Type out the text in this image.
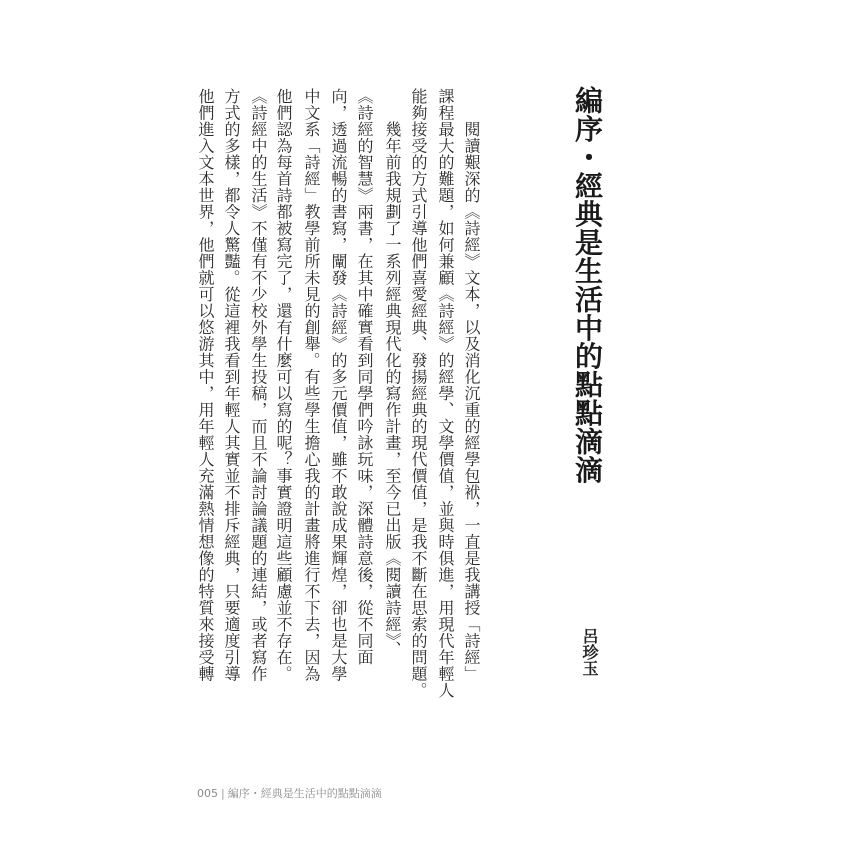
編序・經典是生活中的點點滴滴
呂珍玉
閱讀艱深的《詩經》文本，以及消化沉重的經學包袱，一直是我講授「詩經」
課程最大的難題，如何兼顧《詩經》的經學、文學價值，並與時俱進，用現代年輕人
能夠接受的方式引導他們喜愛經典、發揚經典的現代價值，是我不斷在思索的問題。
幾年前我規劃了一系列經典現代化的寫作計畫，至今已出版《閱讀詩經》、
《詩經的智慧》兩書，在其中確實看到同學們吟詠玩味，深體詩意後，從不同面
向，透過流暢的書寫，闡發《詩經》的多元價值，雖不敢說成果輝煌，卻也是大學
中文系「詩經」教學前所未見的創舉。有些學生擔心我的計畫將進行不下去，因為
他們認為每首詩都被寫完了，還有什麼可以寫的呢？事實證明這些顧慮並不存在。
《詩經中的生活》不僅有不少校外學生投稿，而且不論討論議題的連結，或者寫作
方式的多樣，都令人驚豔。從這裡我看到年輕人其實並不排斥經典，只要適度引導
他們進入文本世界，他們就可以悠游其中，用年輕人充滿熱情想像的特質來接受轉
005 | 編序・經典是生活中的點點滴滴
